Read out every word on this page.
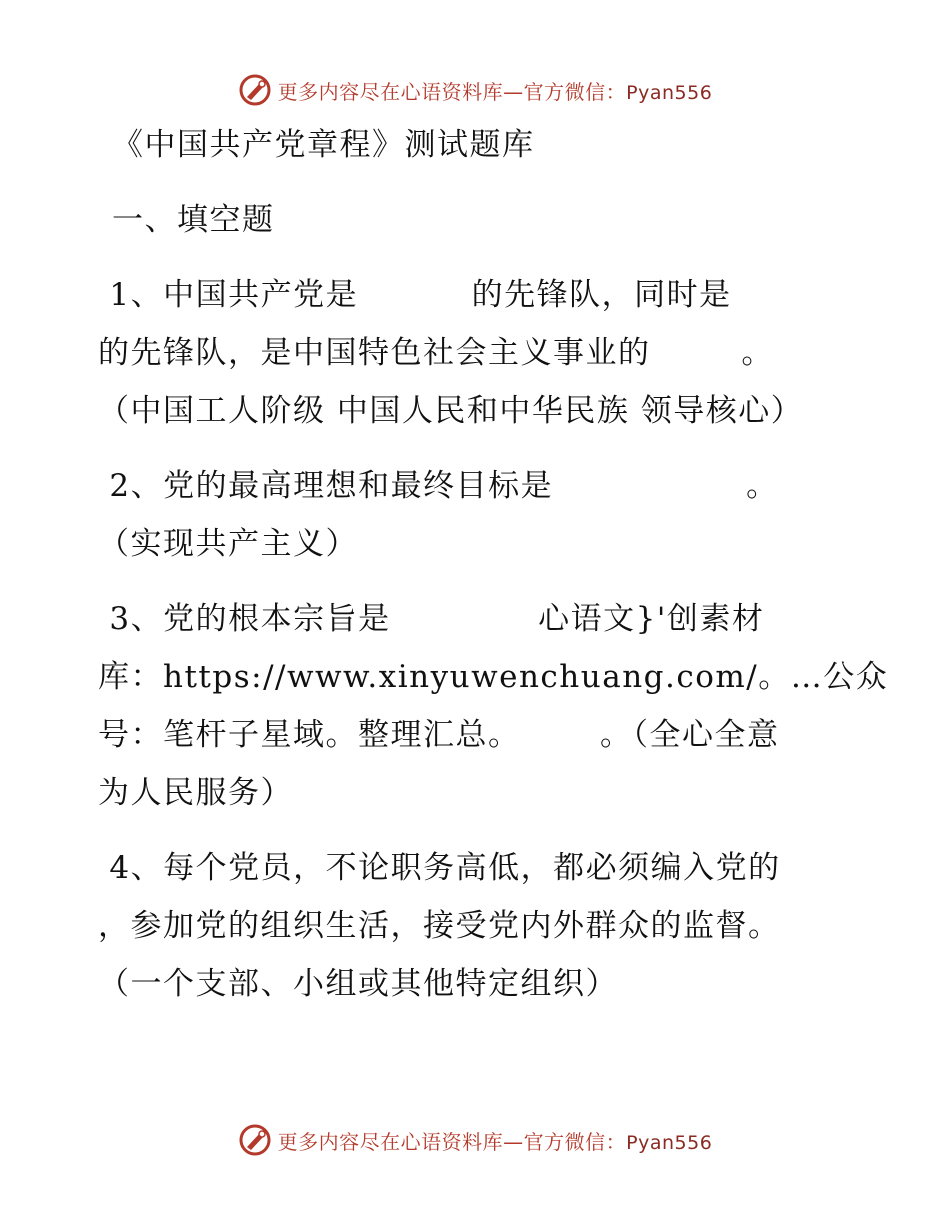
更多内容尽在心语资料库—官方微信：Pyan556
《中国共产党章程》测试题库
一、填空题
1、中国共产党是          的先锋队，同时是
的先锋队，是中国特色社会主义事业的        。
（中国工人阶级 中国人民和中华民族 领导核心）
2、党的最高理想和最终目标是                 。
（实现共产主义）
3、党的根本宗旨是             心语文}'创素材
库：https://www.xinyuwenchuang.com/。…公众
号：笔杆子星域。整理汇总。       。（全心全意
为人民服务）
4、每个党员，不论职务高低，都必须编入党的
，参加党的组织生活，接受党内外群众的监督。
（一个支部、小组或其他特定组织）
更多内容尽在心语资料库—官方微信：Pyan556
